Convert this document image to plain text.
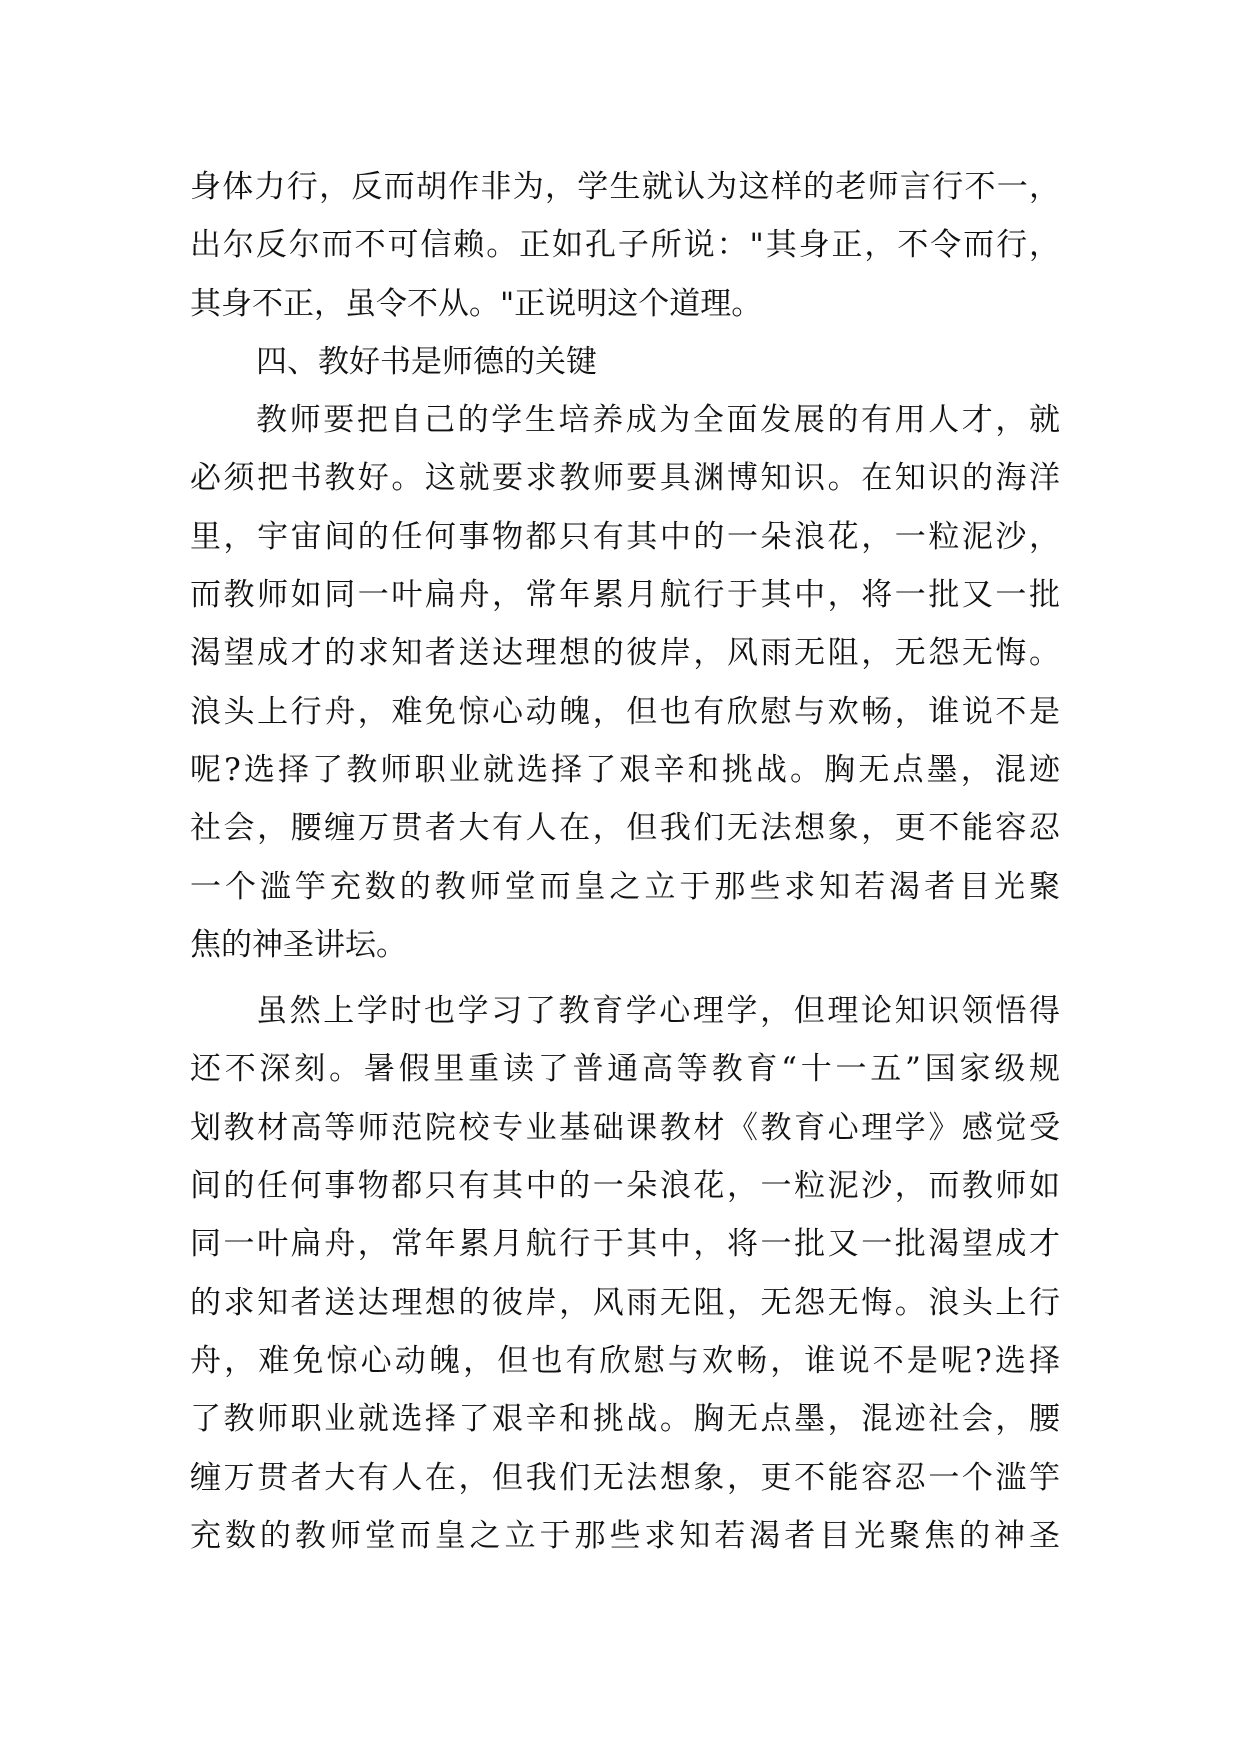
身体力行，反而胡作非为，学生就认为这样的老师言行不一，
出尔反尔而不可信赖。正如孔子所说："其身正，不令而行，
其身不正，虽令不从。"正说明这个道理。
四、教好书是师德的关键
教师要把自己的学生培养成为全面发展的有用人才，就
必须把书教好。这就要求教师要具渊博知识。在知识的海洋
里，宇宙间的任何事物都只有其中的一朵浪花，一粒泥沙，
而教师如同一叶扁舟，常年累月航行于其中，将一批又一批
渴望成才的求知者送达理想的彼岸，风雨无阻，无怨无悔。
浪头上行舟，难免惊心动魄，但也有欣慰与欢畅，谁说不是
呢?选择了教师职业就选择了艰辛和挑战。胸无点墨，混迹
社会，腰缠万贯者大有人在，但我们无法想象，更不能容忍
一个滥竽充数的教师堂而皇之立于那些求知若渴者目光聚
焦的神圣讲坛。
虽然上学时也学习了教育学心理学，但理论知识领悟得
还不深刻。暑假里重读了普通高等教育“十一五”国家级规
划教材高等师范院校专业基础课教材《教育心理学》感觉受
间的任何事物都只有其中的一朵浪花，一粒泥沙，而教师如
同一叶扁舟，常年累月航行于其中，将一批又一批渴望成才
的求知者送达理想的彼岸，风雨无阻，无怨无悔。浪头上行
舟，难免惊心动魄，但也有欣慰与欢畅，谁说不是呢?选择
了教师职业就选择了艰辛和挑战。胸无点墨，混迹社会，腰
缠万贯者大有人在，但我们无法想象，更不能容忍一个滥竽
充数的教师堂而皇之立于那些求知若渴者目光聚焦的神圣
